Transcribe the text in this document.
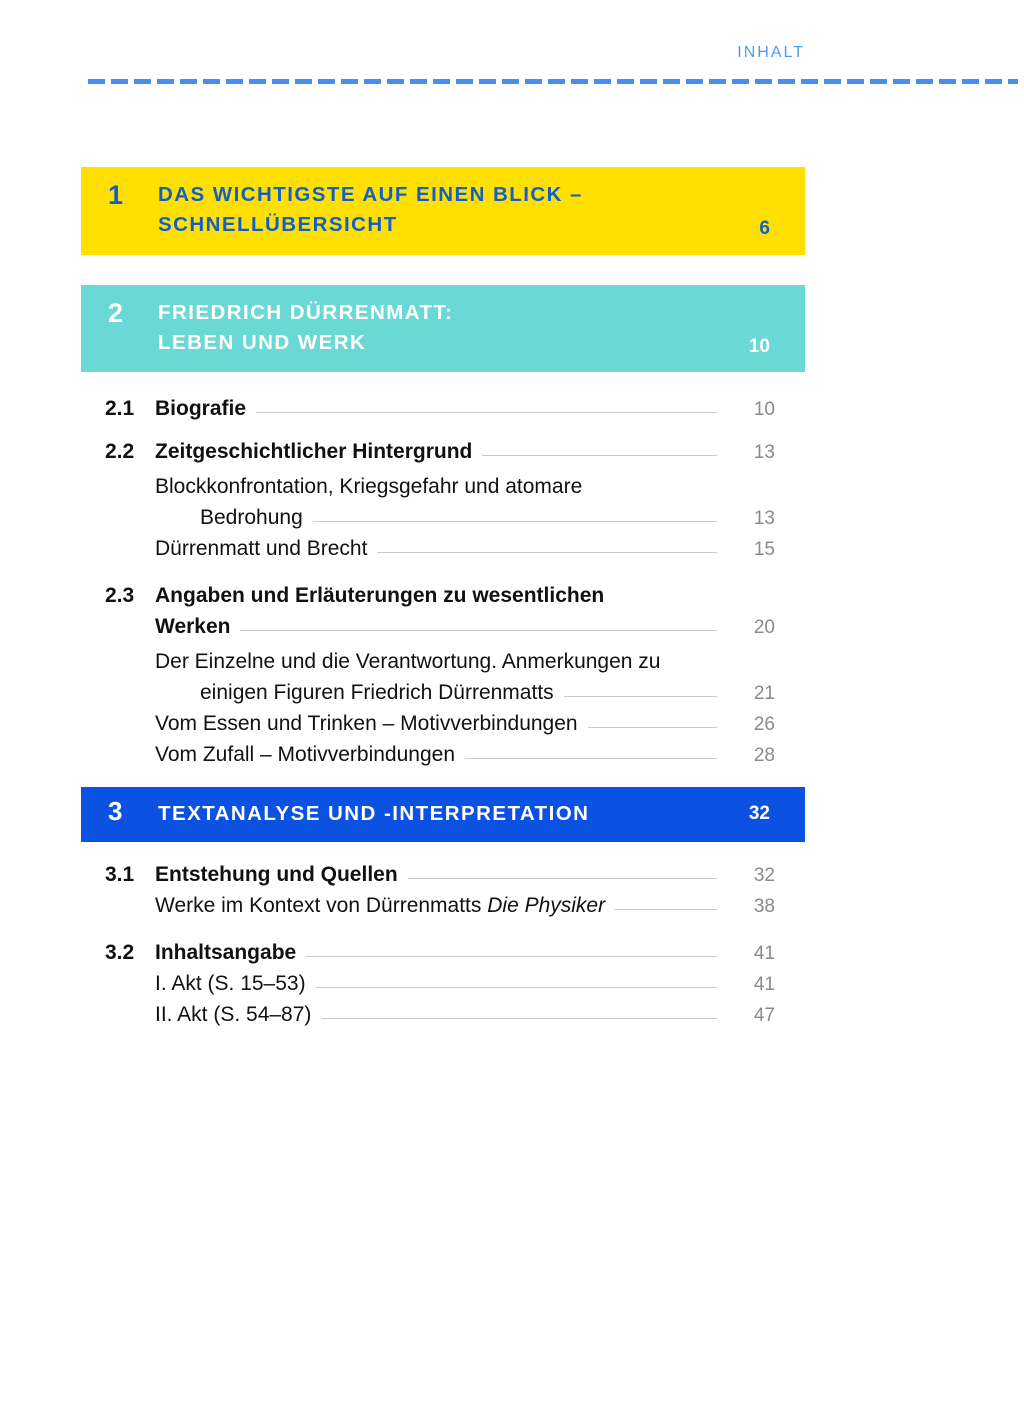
INHALT
1	DAS WICHTIGSTE AUF EINEN BLICK –
SCHNELLÜBERSICHT	6
2	FRIEDRICH DÜRRENMATT:
LEBEN UND WERK	10
2.1 Biografie	10
2.2 Zeitgeschichtlicher Hintergrund	13
Blockkonfrontation, Kriegsgefahr und atomare
Bedrohung	13
Dürrenmatt und Brecht	15
2.3 Angaben und Erläuterungen zu wesentlichen
Werken	20
Der Einzelne und die Verantwortung. Anmerkungen zu
einigen Figuren Friedrich Dürrenmatts	21
Vom Essen und Trinken – Motivverbindungen	26
Vom Zufall – Motivverbindungen	28
3	TEXTANALYSE UND -INTERPRETATION	32
3.1 Entstehung und Quellen	32
Werke im Kontext von Dürrenmatts Die Physiker	38
3.2 Inhaltsangabe	41
I. Akt (S. 15–53)	41
II. Akt (S. 54–87)	47
